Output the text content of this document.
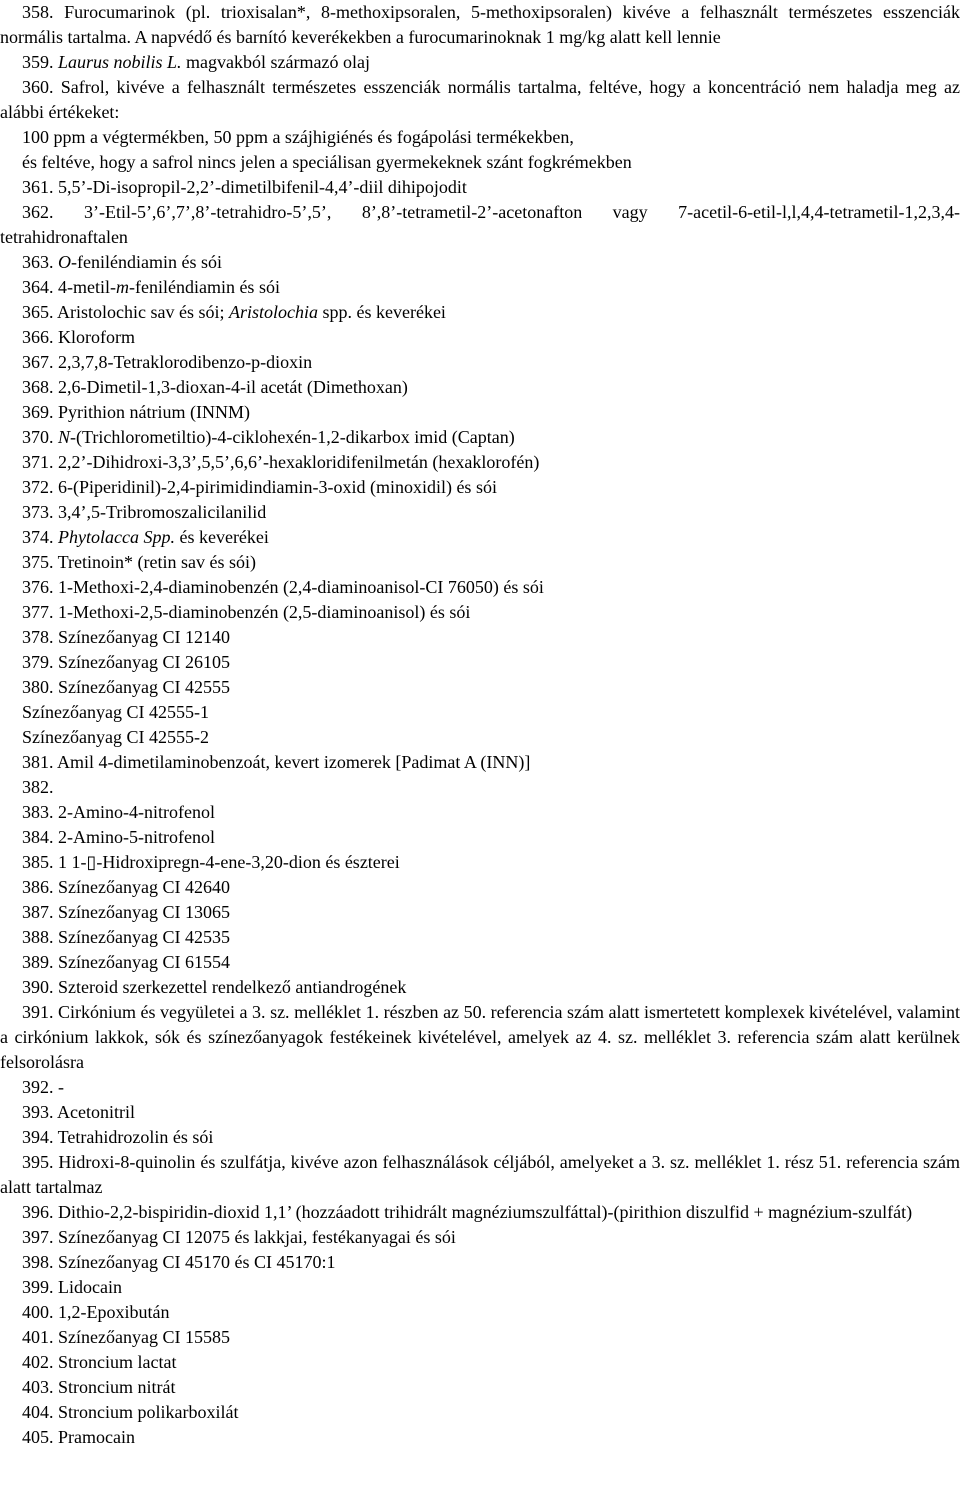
358. Furocumarinok (pl. trioxisalan*, 8-methoxipsoralen, 5-methoxipsoralen) kivéve a felhasznált természetes esszenciák normális tartalma. A napvédő és barnító keverékekben a furocumarinoknak 1 mg/kg alatt kell lennie

359. Laurus nobilis L. magvakból származó olaj

360. Safrol, kivéve a felhasznált természetes esszenciák normális tartalma, feltéve, hogy a koncentráció nem haladja meg az alábbi értékeket:

100 ppm a végtermékben, 50 ppm a szájhigiénés és fogápolási termékekben,

és feltéve, hogy a safrol nincs jelen a speciálisan gyermekeknek szánt fogkrémekben

361. 5,5’-Di-isopropil-2,2’-dimetilbifenil-4,4’-diil dihipojodit

362. 3’-Etil-5’,6’,7’,8’-tetrahidro-5’,5’, 8’,8’-tetrametil-2’-acetonafton vagy 7-acetil-6-etil-l,l,4,4-tetrametil-1,2,3,4-tetrahidronaftalen

363. O-feniléndiamin és sói

364. 4-metil-m-feniléndiamin és sói

365. Aristolochic sav és sói; Aristolochia spp. és keverékei

366. Kloroform

367. 2,3,7,8-Tetraklorodibenzo-p-dioxin

368. 2,6-Dimetil-1,3-dioxan-4-il acetát (Dimethoxan)

369. Pyrithion nátrium (INNM)

370. N-(Trichlorometiltio)-4-ciklohexén-1,2-dikarbox imid (Captan)

371. 2,2’-Dihidroxi-3,3’,5,5’,6,6’-hexakloridifenilmetán (hexaklorofén)

372. 6-(Piperidinil)-2,4-pirimidindiamin-3-oxid (minoxidil) és sói

373. 3,4’,5-Tribromoszalicilanilid

374. Phytolacca Spp. és keverékei

375. Tretinoin* (retin sav és sói)

376. 1-Methoxi-2,4-diaminobenzén (2,4-diaminoanisol-CI 76050) és sói

377. 1-Methoxi-2,5-diaminobenzén (2,5-diaminoanisol) és sói

378. Színezőanyag CI 12140

379. Színezőanyag CI 26105

380. Színezőanyag CI 42555

Színezőanyag CI 42555-1

Színezőanyag CI 42555-2

381. Amil 4-dimetilaminobenzoát, kevert izomerek [Padimat A (INN)]

382.

383. 2-Amino-4-nitrofenol

384. 2-Amino-5-nitrofenol

385. 1 1-▯-Hidroxipregn-4-ene-3,20-dion és észterei

386. Színezőanyag CI 42640

387. Színezőanyag CI 13065

388. Színezőanyag CI 42535

389. Színezőanyag CI 61554

390. Szteroid szerkezettel rendelkező antiandrogének

391. Cirkónium és vegyületei a 3. sz. melléklet 1. részben az 50. referencia szám alatt ismertetett komplexek kivételével, valamint a cirkónium lakkok, sók és színezőanyagok festékeinek kivételével, amelyek az 4. sz. melléklet 3. referencia szám alatt kerülnek felsorolásra

392. -

393. Acetonitril

394. Tetrahidrozolin és sói

395. Hidroxi-8-quinolin és szulfátja, kivéve azon felhasználások céljából, amelyeket a 3. sz. melléklet 1. rész 51. referencia szám alatt tartalmaz

396. Dithio-2,2-bispiridin-dioxid 1,1’ (hozzáadott trihidrált magnéziumszulfáttal)-(pirithion diszulfid + magnézium-szulfát)

397. Színezőanyag CI 12075 és lakkjai, festékanyagai és sói

398. Színezőanyag CI 45170 és CI 45170:1

399. Lidocain

400. 1,2-Epoxibután

401. Színezőanyag CI 15585

402. Stroncium lactat

403. Stroncium nitrát

404. Stroncium polikarboxilát

405. Pramocain
